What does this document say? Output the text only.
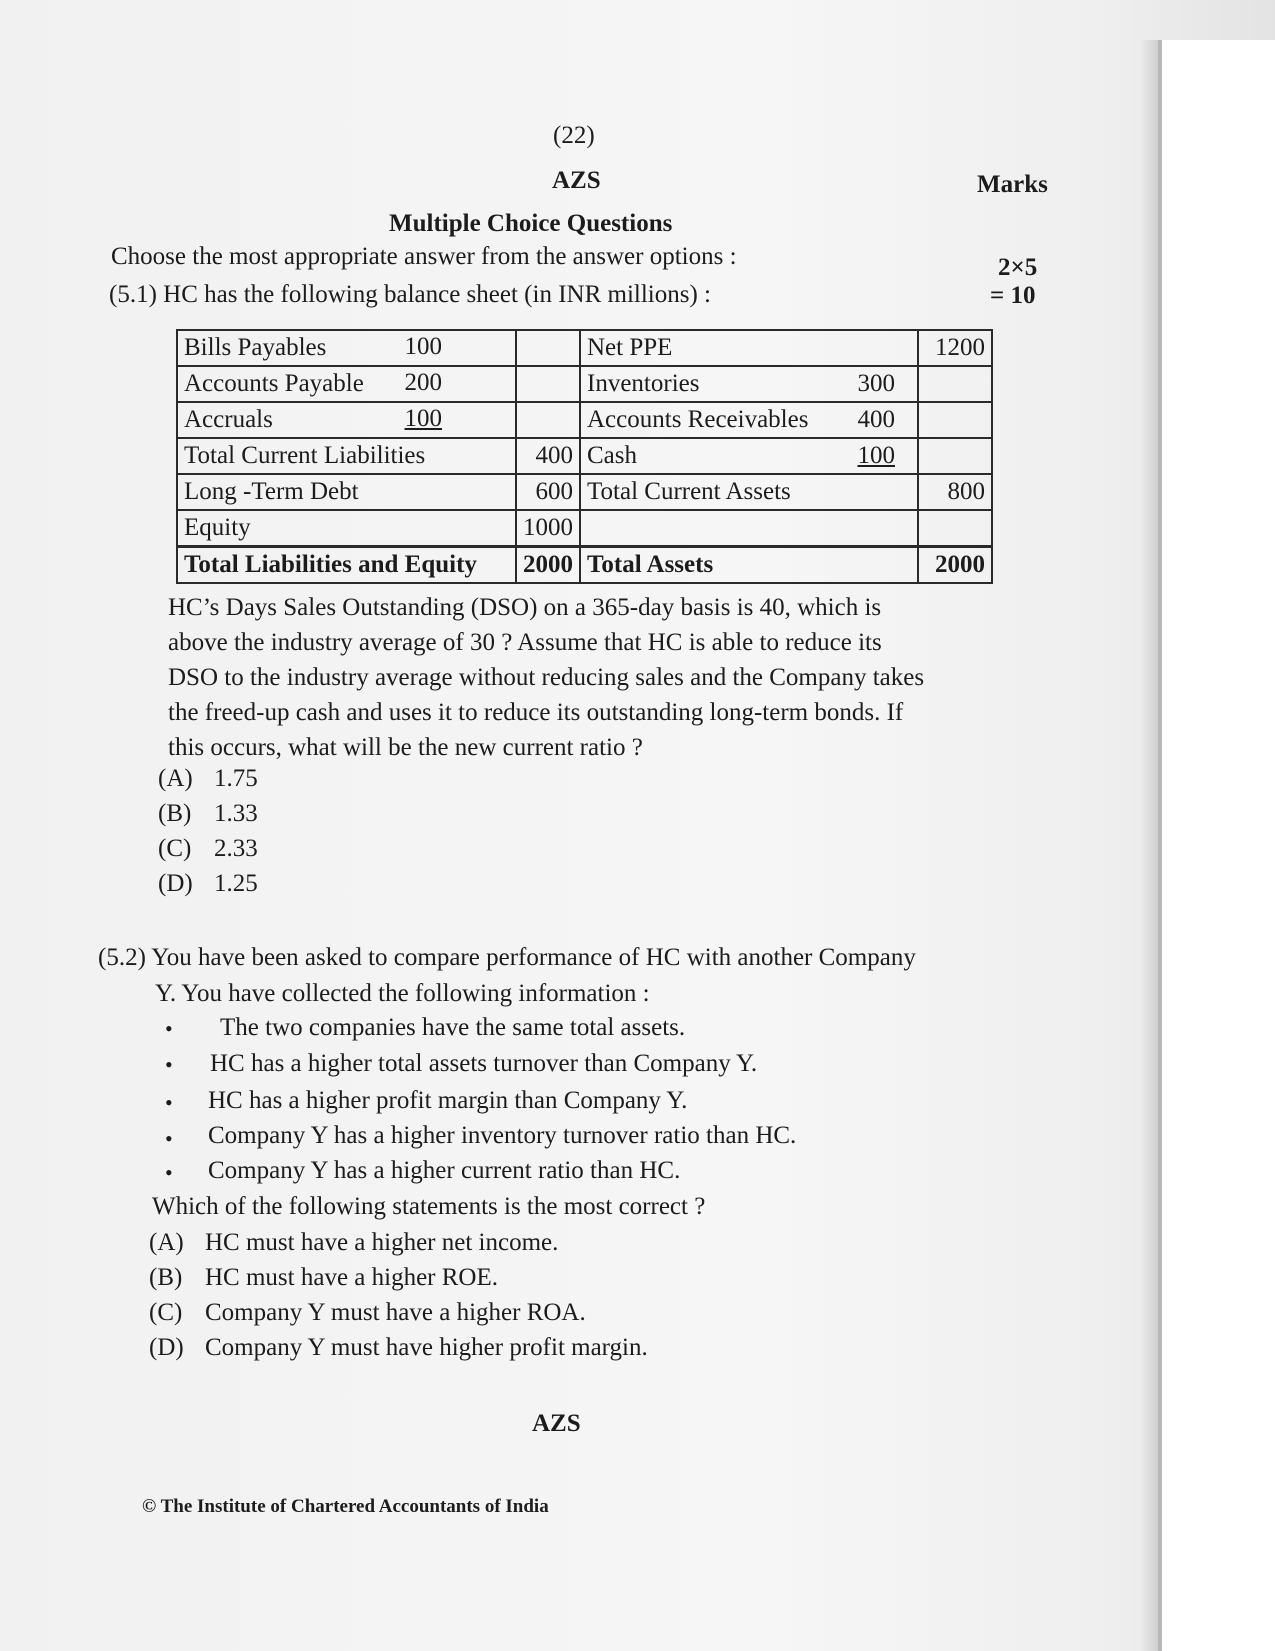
(22)
AZS	Marks
Multiple Choice Questions
Choose the most appropriate answer from the answer options :	2×5
= 10
(5.1) HC has the following balance sheet (in INR millions) :
Bills Payables 100		Net PPE	1200
Accounts Payable 200		Inventories 300	

Accruals 100		Accounts Receivables 400	

Total Current Liabilities	400	Cash 100	

Long -Term Debt	600	Total Current Assets	800
Equity	1000		
Total Liabilities and Equity	2000	Total Assets	2000
HC’s Days Sales Outstanding (DSO) on a 365-day basis is 40, which is
above the industry average of 30 ? Assume that HC is able to reduce its
DSO to the industry average without reducing sales and the Company takes
the freed-up cash and uses it to reduce its outstanding long-term bonds. If
this occurs, what will be the new current ratio ?
(A) 1.75
(B) 1.33
(C) 2.33
(D) 1.25
(5.2) You have been asked to compare performance of HC with another Company
Y. You have collected the following information :
• The two companies have the same total assets.
• HC has a higher total assets turnover than Company Y.
• HC has a higher profit margin than Company Y.
• Company Y has a higher inventory turnover ratio than HC.
• Company Y has a higher current ratio than HC.
Which of the following statements is the most correct ?
(A) HC must have a higher net income.
(B) HC must have a higher ROE.
(C) Company Y must have a higher ROA.
(D) Company Y must have higher profit margin.
AZS
© The Institute of Chartered Accountants of India
